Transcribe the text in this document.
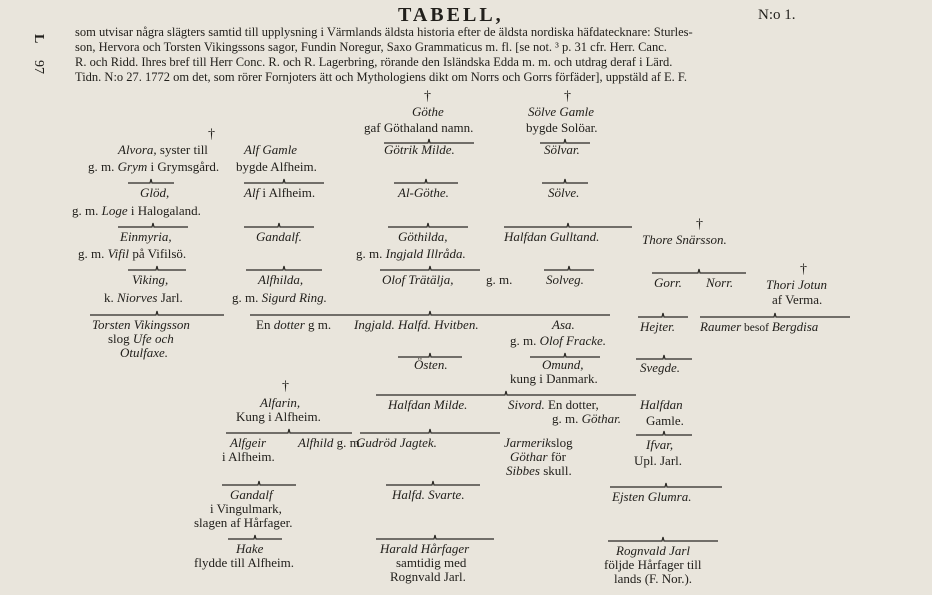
97
L
TABELL,	N:o 1.
som utvisar några slägters samtid till upplysning i Värmlands äldsta historia efter de äldsta nordiska häfdatecknare: Sturles-
son, Hervora och Torsten Vikingssons sagor, Fundin Noregur, Saxo Grammaticus m. fl. [se not. ³ p. 31 cfr. Herr. Canc.
R. och Ridd. Ihres bref till Herr Conc. R. och R. Lagerbring, rörande den Isländska Edda m. m. och utdrag deraf i Lärd.
Tidn. N:o 27. 1772 om det, som rörer Fornjoters ätt och Mythologiens dikt om Norrs och Gorrs förfäder], uppstäld af E. F.
†
Alvora, syster till
g. m. Grym i Grymsgård.
Glöd,
g. m. Loge i Halogaland.
Einmyria,
g. m. Vifil på Vifilsö.
Viking,
k. Niorves Jarl.
Torsten Vikingsson
slog Ufe och
Otulfaxe.
Alf Gamle
bygde Alfheim.
Alf i Alfheim.
Gandalf.
Alfhilda,
g. m. Sigurd Ring.
En dotter g m.
†
Alfarin,
Kung i Alfheim.
Alfgeir
i Alfheim.
Alfhild g. m.
Gandalf
i Vingulmark,
slagen af Hårfager.
Hake
flydde till Alfheim.
†
Göthe
gaf Göthaland namn.
Götrik Milde.
Al-Göthe.
Göthilda,
g. m. Ingjald Illråda.
Olof Trätälja, g. m.
Ingjald. Halfd. Hvitben.
Östen.
Halfdan Milde.
Gudröd Jagtek.
Halfd. Svarte.
Harald Hårfager
samtidig med
Rognvald Jarl.
†
Sölve Gamle
bygde Solöar.
Sölvar.
Sölve.
Halfdan Gulltand.
Solveg.
Asa.
g. m. Olof Fracke.
Omund,
kung i Danmark.
Sivord. En dotter,
g. m. Göthar.
Jarmerikslog
Göthar för
Sibbes skull.
†
Thore Snärsson.
Gorr. Norr.
Hejter.
Svegde.
Halfdan
Gamle.
Ifvar,
Upl. Jarl.
Ejsten Glumra.
Rognvald Jarl
följde Hårfager till
lands (F. Nor.).
†
Thori Jotun
af Verma.
Raumer besof Bergdisa
